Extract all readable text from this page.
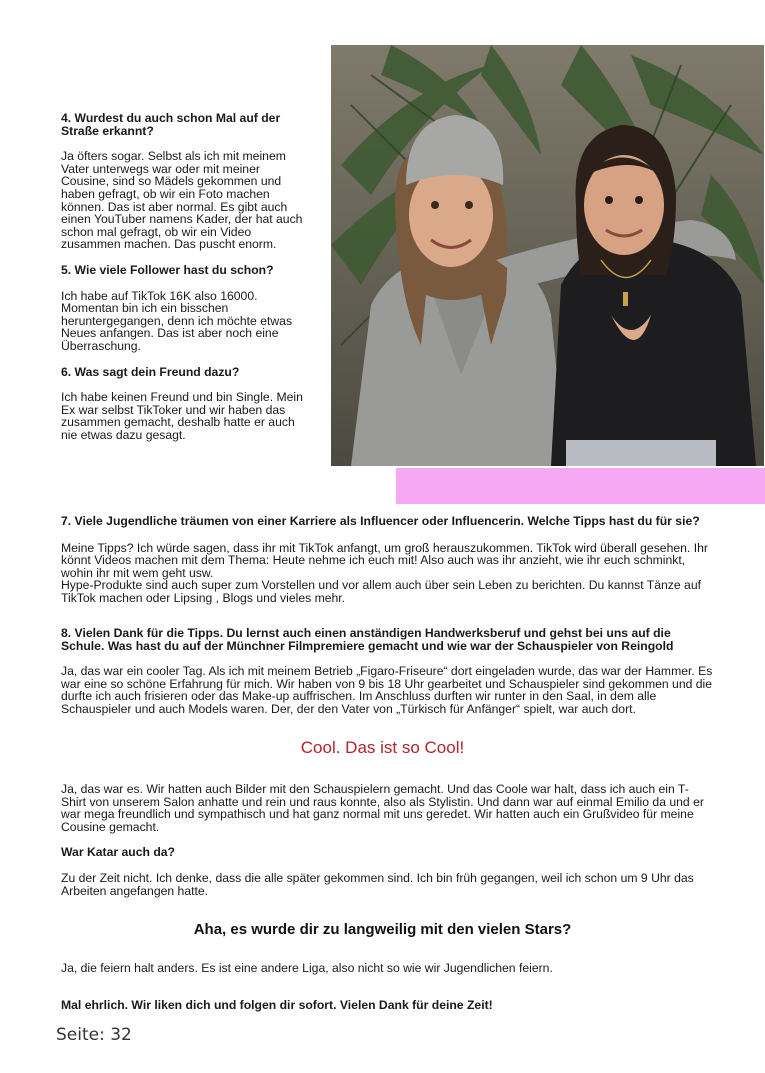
4. Wurdest du auch schon Mal auf der Straße erkannt?

Ja öfters sogar. Selbst als ich mit meinem Vater unterwegs war oder mit meiner Cousine, sind so Mädels gekommen und haben gefragt, ob wir ein Foto machen können. Das ist aber normal. Es gibt auch einen YouTuber namens Kader, der hat auch schon mal gefragt, ob wir ein Video zusammen machen. Das puscht enorm.

5. Wie viele Follower hast du schon?

Ich habe auf TikTok 16K also 16000. Momentan bin ich ein bisschen heruntergegangen, denn ich möchte etwas Neues anfangen. Das ist aber noch eine Überraschung.

6. Was sagt dein Freund dazu?

Ich habe keinen Freund und bin Single. Mein Ex war selbst TikToker und wir haben das zusammen gemacht, deshalb hatte er auch nie etwas dazu gesagt.

7. Viele Jugendliche träumen von einer Karriere als Influencer oder Influencerin. Welche Tipps hast du für sie?

Meine Tipps? Ich würde sagen, dass ihr mit TikTok anfangt, um groß herauszukommen. TikTok wird überall gesehen. Ihr könnt Videos machen mit dem Thema: Heute nehme ich euch mit! Also auch was ihr anzieht, wie ihr euch schminkt, wohin ihr mit wem geht usw.

Hype-Produkte sind auch super zum Vorstellen und vor allem auch über sein Leben zu berichten. Du kannst Tänze auf TikTok machen oder Lipsing , Blogs und vieles mehr.

8. Vielen Dank für die Tipps. Du lernst auch einen anständigen Handwerksberuf und gehst bei uns auf die Schule. Was hast du auf der Münchner Filmpremiere gemacht und wie war der Schauspieler von Reingold

Ja, das war ein cooler Tag. Als ich mit meinem Betrieb „Figaro-Friseure“ dort eingeladen wurde, das war der Hammer. Es war eine so schöne Erfahrung für mich. Wir haben von 9 bis 18 Uhr gearbeitet und Schauspieler sind gekommen und die durfte ich auch frisieren oder das Make-up auffrischen. Im Anschluss durften wir runter in den Saal, in dem alle Schauspieler und auch Models waren. Der, der den Vater von „Türkisch für Anfänger“ spielt, war auch dort.

Cool. Das ist so Cool!

Ja, das war es. Wir hatten auch Bilder mit den Schauspielern gemacht. Und das Coole war halt, dass ich auch ein T-Shirt von unserem Salon anhatte und rein und raus konnte, also als Stylistin. Und dann war auf einmal Emilio da und er war mega freundlich und sympathisch und hat ganz normal mit uns geredet. Wir hatten auch ein Grußvideo für meine Cousine gemacht.

War Katar auch da?

Zu der Zeit nicht. Ich denke, dass die alle später gekommen sind. Ich bin früh gegangen, weil ich schon um 9 Uhr das Arbeiten angefangen hatte.

Aha, es wurde dir zu langweilig mit den vielen Stars?

Ja, die feiern halt anders. Es ist eine andere Liga, also nicht so wie wir Jugendlichen feiern.

Mal ehrlich. Wir liken dich und folgen dir sofort. Vielen Dank für deine Zeit!

Seite: 32
